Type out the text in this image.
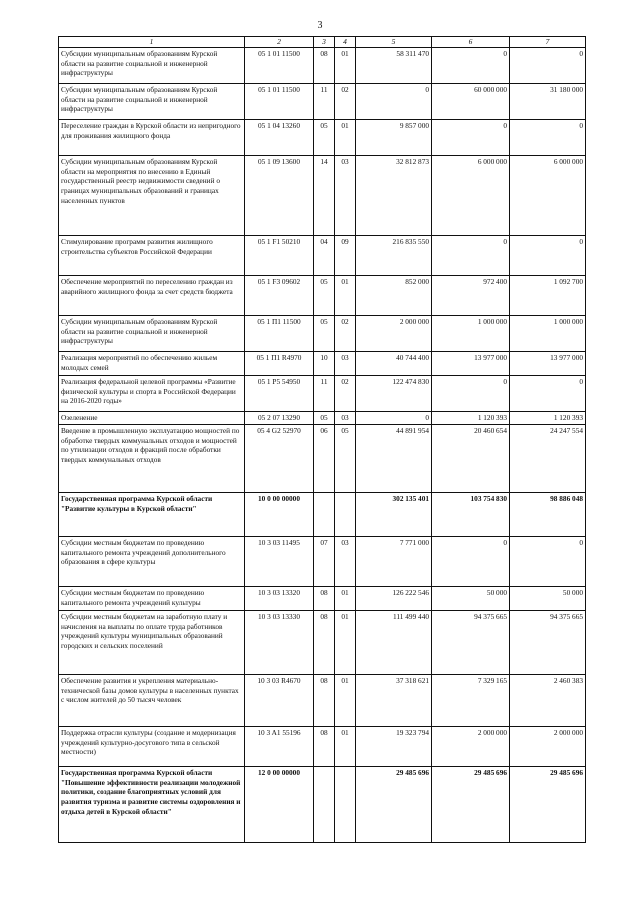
3
1	2	3	4	5	6	7
Субсидии муниципальным образованиям Курской области на развитие социальной и инженерной инфраструктуры	05 1 01 11500	08	01	58 311 470	0	0
Субсидии муниципальным образованиям Курской области на развитие социальной и инженерной инфраструктуры	05 1 01 11500	11	02	0	60 000 000	31 180 000
Переселение граждан в Курской области из непригодного для проживания жилищного фонда	05 1 04 13260	05	01	9 857 000	0	0
Субсидии муниципальным образованиям Курской области на мероприятия по внесению в Единый государственный реестр недвижимости сведений о границах муниципальных образований и границах населенных пунктов	05 1 09 13600	14	03	32 812 873	6 000 000	6 000 000
Стимулирование программ развития жилищного строительства субъектов Российской Федерации	05 1 F1 50210	04	09	216 835 550	0	0
Обеспечение мероприятий по переселению граждан из аварийного жилищного фонда за счет средств бюджета	05 1 F3 09602	05	01	852 000	972 400	1 092 700
Субсидии муниципальным образованиям Курской области на развитие социальной и инженерной инфраструктуры	05 1 П1 11500	05	02	2 000 000	1 000 000	1 000 000
Реализация мероприятий по обеспечению жильем молодых семей	05 1 П1 R4970	10	03	40 744 400	13 977 000	13 977 000
Реализация федеральной целевой программы «Развитие физической культуры и спорта в Российской Федерации на 2016-2020 годы»	05 1 P5 54950	11	02	122 474 830	0	0
Озеленение	05 2 07 13290	05	03	0	1 120 393	1 120 393
Введение в промышленную эксплуатацию мощностей по обработке твердых коммунальных отходов и мощностей по утилизации отходов и фракций после обработки твердых коммунальных отходов	05 4 G2 52970	06	05	44 891 954	20 460 654	24 247 554
Государственная программа Курской области "Развитие культуры в Курской области"	10 0 00 00000			302 135 401	103 754 830	98 886 048
Субсидии местным бюджетам по проведению капитального ремонта учреждений дополнительного образования в сфере культуры	10 3 03 11495	07	03	7 771 000	0	0
Субсидии местным бюджетам по проведению капитального ремонта учреждений культуры	10 3 03 13320	08	01	126 222 546	50 000	50 000
Субсидии местным бюджетам на заработную плату и начисления на выплаты по оплате труда работников учреждений культуры муниципальных образований городских и сельских поселений	10 3 03 13330	08	01	111 499 440	94 375 665	94 375 665
Обеспечение развития и укрепления материально-технической базы домов культуры в населенных пунктах с числом жителей до 50 тысяч человек	10 3 03 R4670	08	01	37 318 621	7 329 165	2 460 383
Поддержка отрасли культуры (создание и модернизация учреждений культурно-досугового типа в сельской местности)	10 3 A1 55196	08	01	19 323 794	2 000 000	2 000 000
Государственная программа Курской области "Повышение эффективности реализации молодежной политики, создание благоприятных условий для развития туризма и развитие системы оздоровления и отдыха детей в Курской области"	12 0 00 00000			29 485 696	29 485 696	29 485 696
